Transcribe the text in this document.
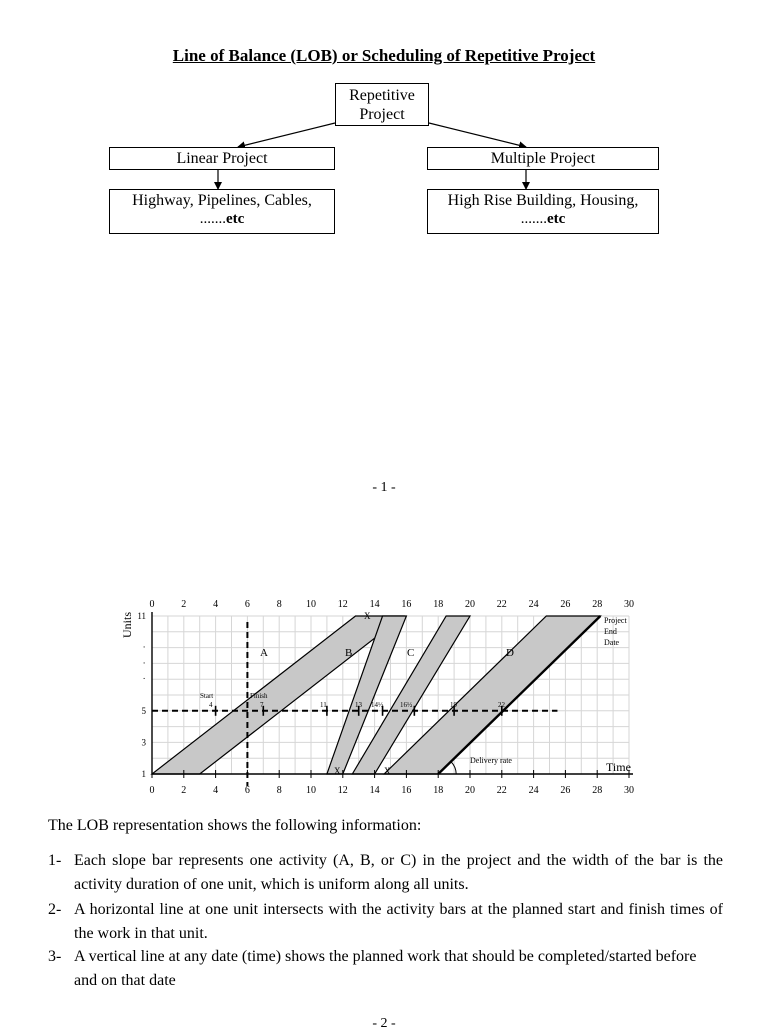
Line of Balance (LOB) or Scheduling of Repetitive Project
Repetitive
Project
Linear Project	Multiple Project
Highway, Pipelines, Cables,
.......etc
High Rise Building, Housing,
.......etc
- 1 -
0
0
2
2
4
4
6
6
8
8
10
10
12
12
14
14
16
16
18
18
20
20
22
22
24
24
26
26
28
28
30
30
1
3
5
11
.
.
.
Units
Time
A	B	C	D
Start	Finish
4	7	11	13 14½ 16½	19	22
Project
End
Date
Delivery rate
X
X	X
The LOB representation shows the following information:
1- Each slope bar represents one activity (A, B, or C) in the project and the width of the bar is the activity duration of one unit, which is uniform along all units.
2- A horizontal line at one unit intersects with the activity bars at the planned start and finish times of the work in that unit.
3- A vertical line at any date (time) shows the planned work that should be completed/started before and on that date
- 2 -
